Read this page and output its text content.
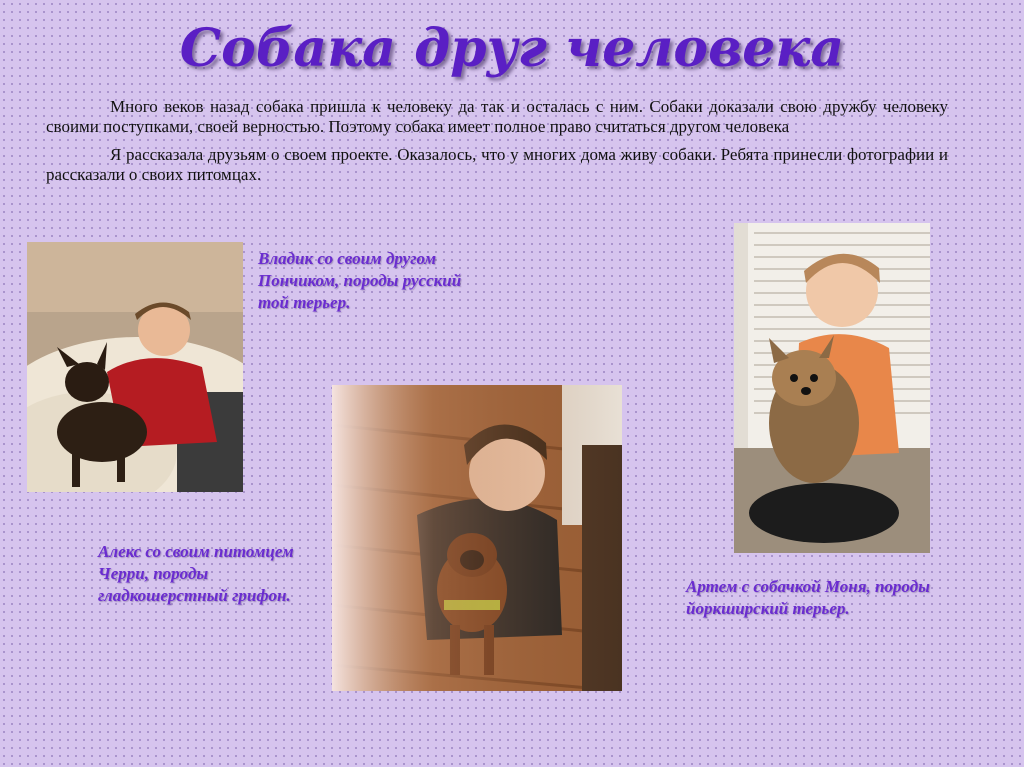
Собака друг человека

Много веков назад собака пришла к человеку да так и осталась с ним. Собаки доказали свою дружбу человеку своими поступками, своей верностью. Поэтому собака имеет полное право считаться другом человека

Я рассказала друзьям о своем проекте. Оказалось, что у многих дома живу собаки. Ребята принесли фотографии и рассказали о своих питомцах.

Владик со своим другом Пончиком, породы русский той терьер.
Алекс со своим питомцем Черри, породы гладкошерстный грифон.	Артем с собачкой Моня, породы йоркширский терьер.
